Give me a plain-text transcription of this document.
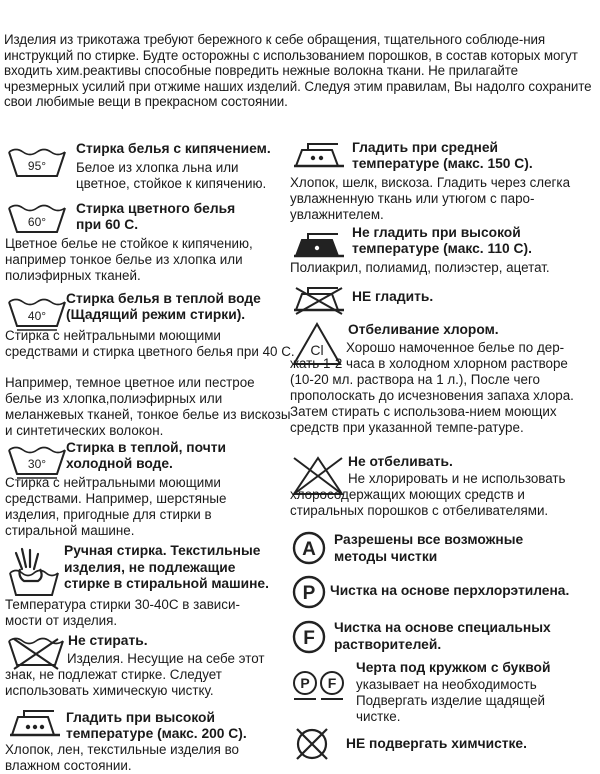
Изделия из трикотажа требуют бережного к себе обращения, тщательного соблюде-ния инструкций по стирке. Будте осторожны с использованием порошков, в состав которых могут входить хим.реактивы способные повредить нежные волокна ткани. Не прилагайте чрезмерных усилий при отжиме наших изделий. Следуя этим правилам, Вы надолго сохраните свои любимые вещи в прекрасном состоянии.
95°
Стирка белья с кипячением.
Белое из хлопка льна или цветное, стойкое к кипячению.
60°
Стирка цветного белья
при 60 С.
Цветное белье не стойкое к кипячению, например тонкое белье из хлопка или полиэфирных тканей.
40°
Стирка белья в теплой воде
(Щадящий режим стирки).
Стирка с нейтральными моющими средствами и стирка цветного белья при 40 С.
Например, темное цветное или пестрое белье из хлопка,полиэфирных или меланжевых тканей, тонкое белье из вискозы и синтетических волокон.
30°
Стирка в теплой, почти
холодной воде.
Стирка с нейтральными моющими средствами. Например, шерстяные изделия, пригодные для стирки в стиральной машине.
Ручная стирка. Текстильные
изделия, не подлежащие
стирке в стиральной машине.
Температура стирки 30-40С в зависи-мости от изделия.
Не стирать.
Изделия. Несущие на себе этот знак, не подлежат стирке. Следует использовать химическую чистку.
Гладить при высокой
температуре (макс. 200 С).
Хлопок, лен, текстильные изделия во влажном состоянии.
Гладить при средней
температуре (макс. 150 С).
Хлопок, шелк, вискоза. Гладить через слегка увлажненную ткань или утюгом с паро-увлажнителем.
Не гладить при высокой
температуре (макс. 110 С).
Полиакрил, полиамид, полиэстер, ацетат.
НЕ гладить.
Cl
Отбеливание хлором.
Хорошо намоченное белье по дер-жать 1-2 часа в холодном хлорном растворе (10-20 мл. раствора на 1 л.), После чего прополоскать до исчезновения запаха хлора. Затем стирать с использова-нием моющих средств при указанной темпе-ратуре.
Не отбеливать.
Не хлорировать и не использовать хлоросодержащих моющих средств и стиральных порошков с отбеливателями.
A Разрешены все возможные методы чистки
P Чистка на основе перхлорэтилена.
F
Чистка на основе специальных растворителей.
P F
Черта под кружком с буквой
указывает на необходимость Подвергать изделие щадящей чистке.
НЕ подвергать химчистке.
